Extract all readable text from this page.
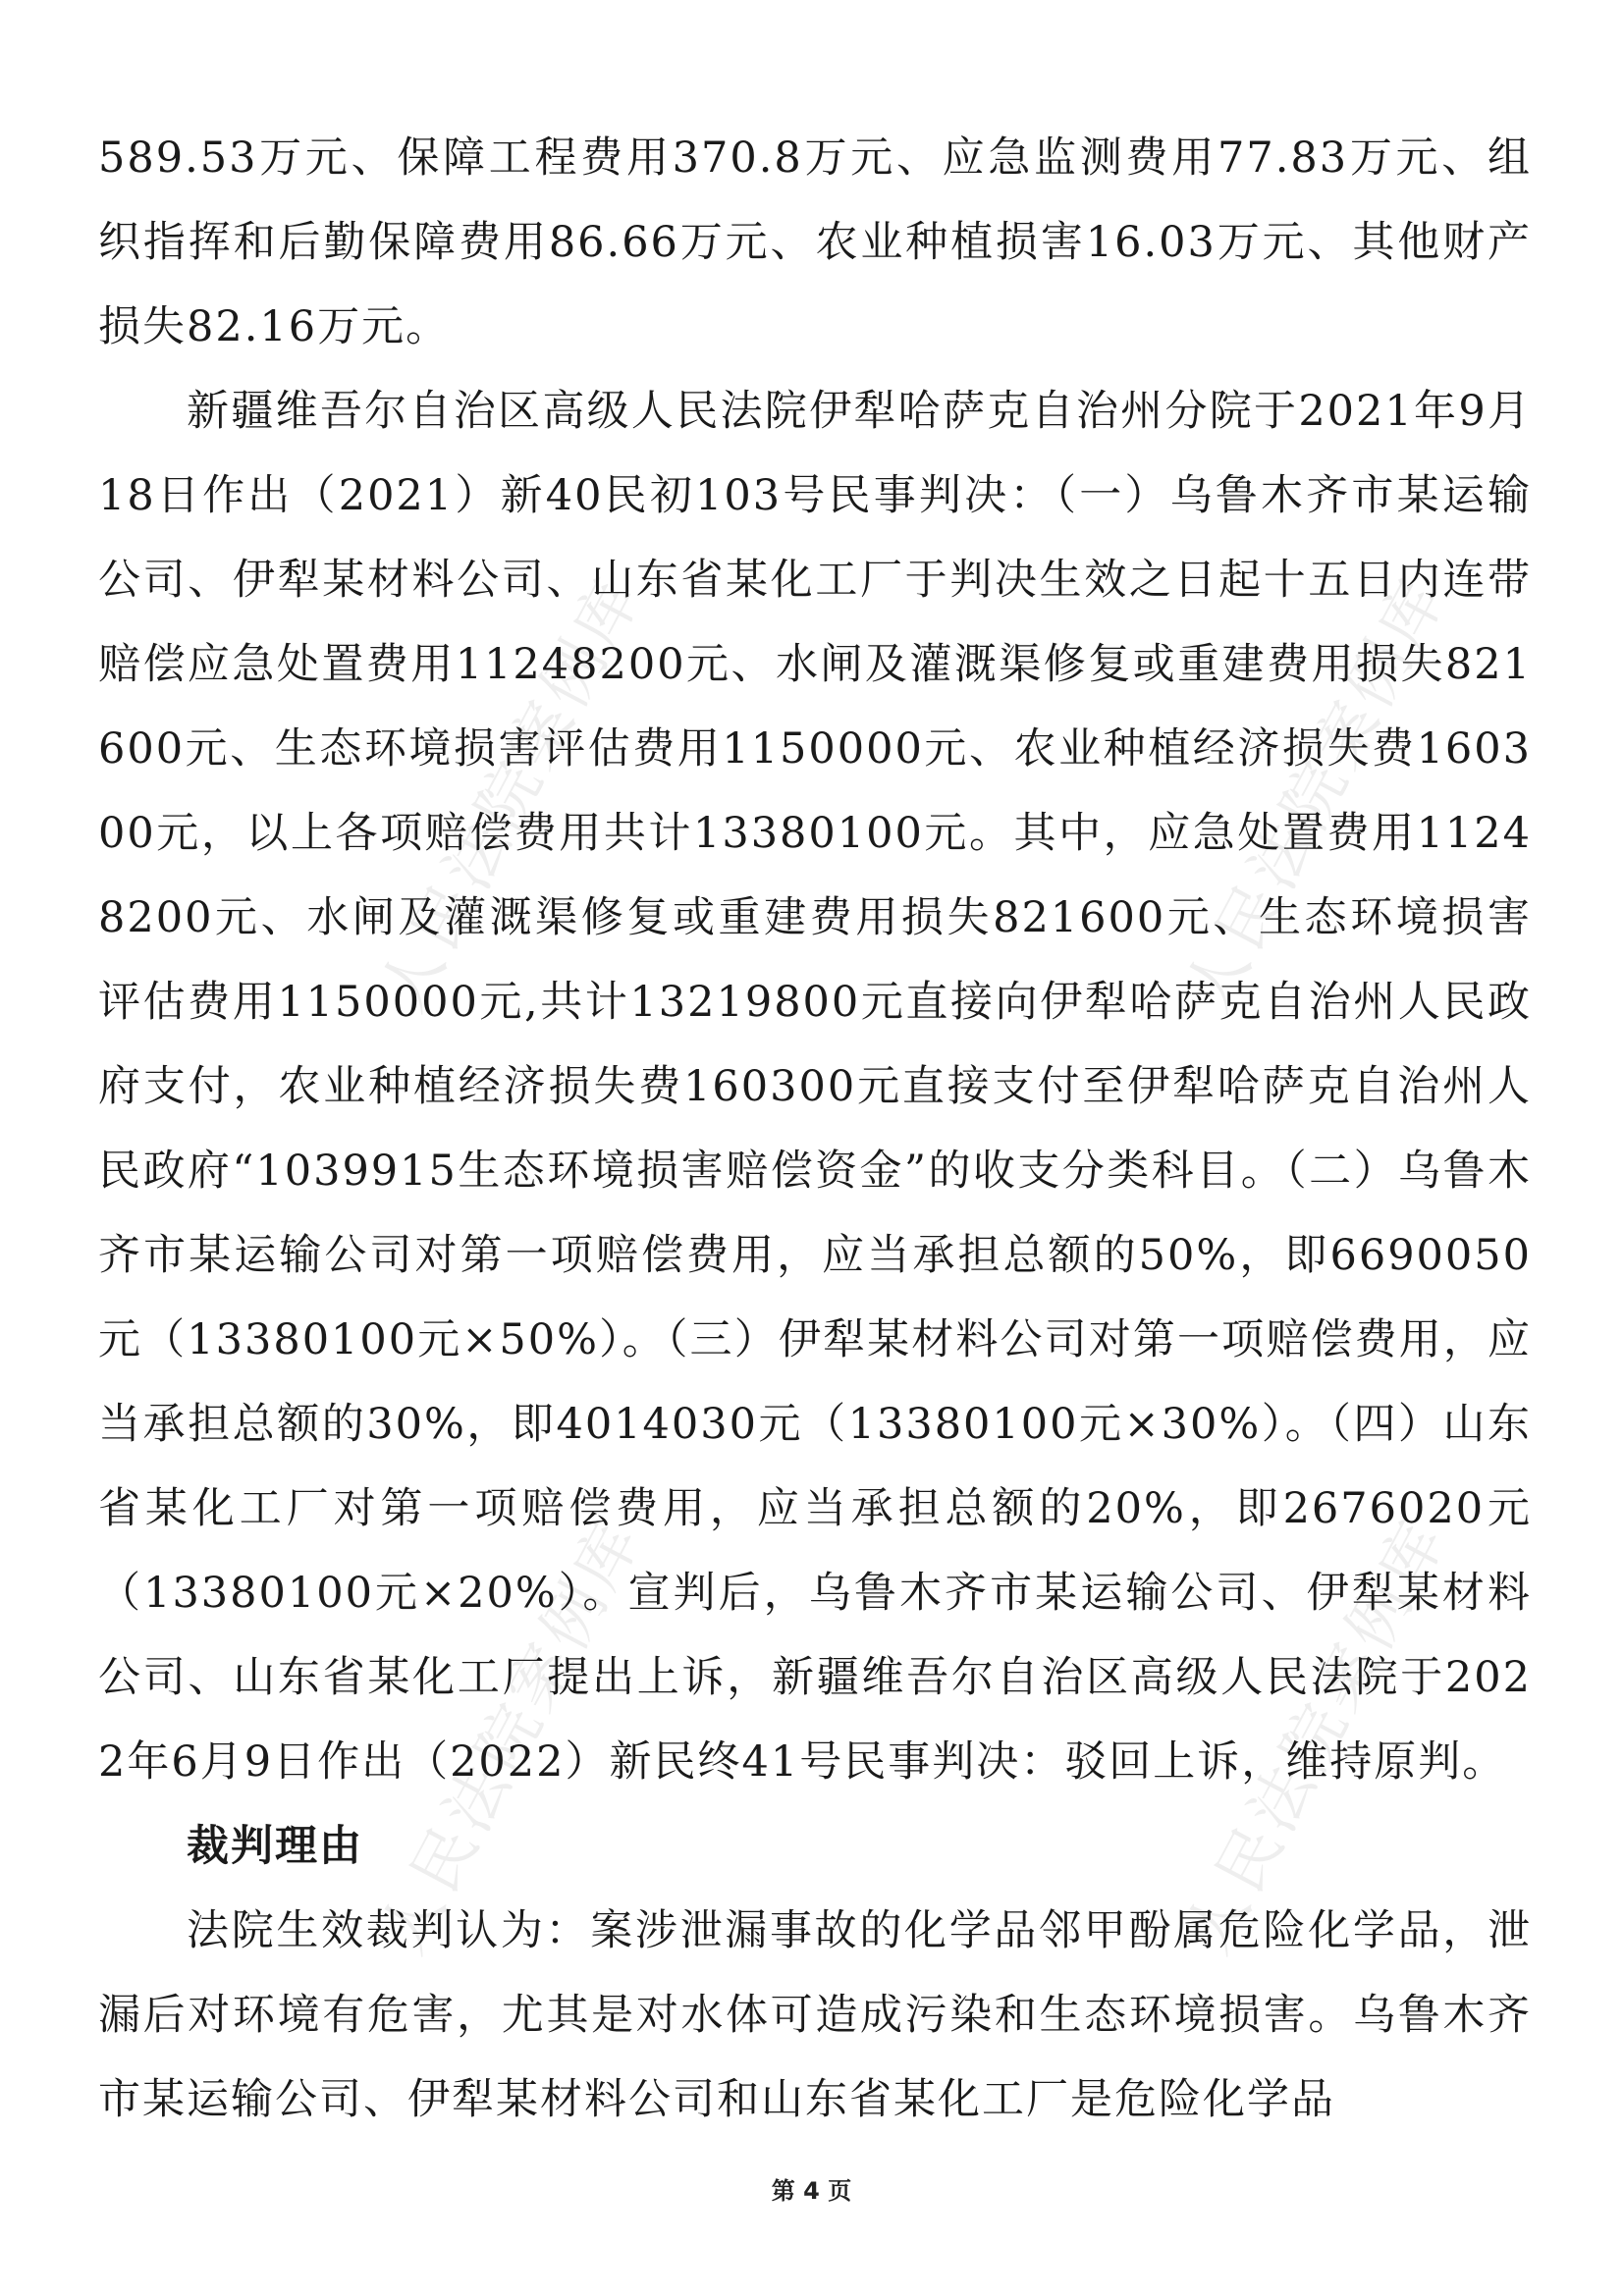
人民法院案例库	人民法院案例库
人民法院案例库	人民法院案例库

589.53万元、保障工程费用370.8万元、应急监测费用77.83万元、组织指挥和后勤保障费用86.66万元、农业种植损害16.03万元、其他财产损失82.16万元。

新疆维吾尔自治区高级人民法院伊犁哈萨克自治州分院于2021年9月18日作出（2021）新40民初103号民事判决：（一）乌鲁木齐市某运输公司、伊犁某材料公司、山东省某化工厂于判决生效之日起十五日内连带赔偿应急处置费用11248200元、水闸及灌溉渠修复或重建费用损失821600元、生态环境损害评估费用1150000元、农业种植经济损失费160300元，以上各项赔偿费用共计13380100元。其中，应急处置费用11248200元、水闸及灌溉渠修复或重建费用损失821600元、生态环境损害评估费用1150000元,共计13219800元直接向伊犁哈萨克自治州人民政府支付，农业种植经济损失费160300元直接支付至伊犁哈萨克自治州人民政府“1039915生态环境损害赔偿资金”的收支分类科目。（二）乌鲁木齐市某运输公司对第一项赔偿费用，应当承担总额的50%，即6690050元（13380100元×50%）。（三）伊犁某材料公司对第一项赔偿费用，应当承担总额的30%，即4014030元（13380100元×30%）。（四）山东省某化工厂对第一项赔偿费用，应当承担总额的20%，即2676020元（13380100元×20%）。宣判后，乌鲁木齐市某运输公司、伊犁某材料公司、山东省某化工厂提出上诉，新疆维吾尔自治区高级人民法院于2022年6月9日作出（2022）新民终41号民事判决：驳回上诉，维持原判。

裁判理由

法院生效裁判认为：案涉泄漏事故的化学品邻甲酚属危险化学品，泄漏后对环境有危害，尤其是对水体可造成污染和生态环境损害。乌鲁木齐市某运输公司、伊犁某材料公司和山东省某化工厂是危险化学品

第 4 页
